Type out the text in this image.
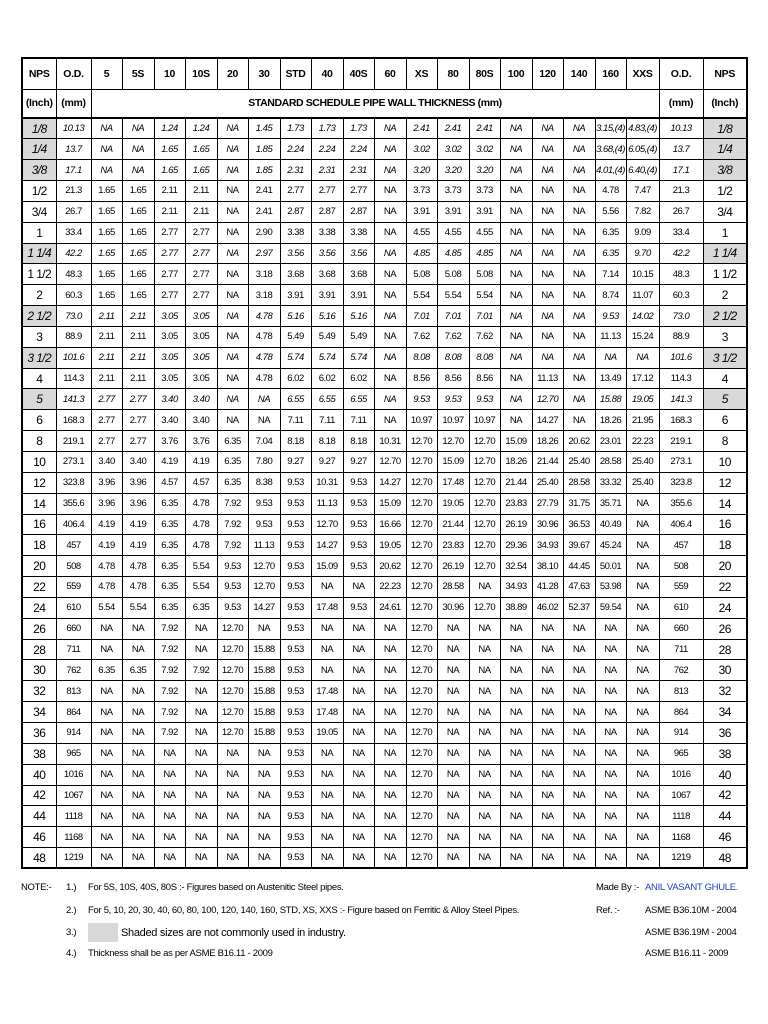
NPS	O.D.	5	5S	10	10S	20	30	STD	40	40S	60	XS	80	80S	100	120	140	160	XXS	O.D.	NPS
(Inch)	(mm)	STANDARD SCHEDULE PIPE WALL THICKNESS (mm)																		(mm)	(Inch)
1/8	10.13	NA	NA	1.24	1.24	NA	1.45	1.73	1.73	1.73	NA	2.41	2.41	2.41	NA	NA	NA	3.15,(4)	4.83,(4)	10.13	1/8
1/4	13.7	NA	NA	1.65	1.65	NA	1.85	2.24	2.24	2.24	NA	3.02	3.02	3.02	NA	NA	NA	3.68,(4)	6.05,(4)	13.7	1/4
3/8	17.1	NA	NA	1.65	1.65	NA	1.85	2.31	2.31	2.31	NA	3.20	3.20	3.20	NA	NA	NA	4.01,(4)	6.40,(4)	17.1	3/8
1/2	21.3	1.65	1.65	2.11	2.11	NA	2.41	2.77	2.77	2.77	NA	3.73	3.73	3.73	NA	NA	NA	4.78	7.47	21.3	1/2
3/4	26.7	1.65	1.65	2.11	2.11	NA	2.41	2.87	2.87	2.87	NA	3.91	3.91	3.91	NA	NA	NA	5.56	7.82	26.7	3/4
1	33.4	1.65	1.65	2.77	2.77	NA	2.90	3.38	3.38	3.38	NA	4.55	4.55	4.55	NA	NA	NA	6.35	9.09	33.4	1
1 1/4	42.2	1.65	1.65	2.77	2.77	NA	2.97	3.56	3.56	3.56	NA	4.85	4.85	4.85	NA	NA	NA	6.35	9.70	42.2	1 1/4
1 1/2	48.3	1.65	1.65	2.77	2.77	NA	3.18	3.68	3.68	3.68	NA	5.08	5.08	5.08	NA	NA	NA	7.14	10.15	48.3	1 1/2
2	60.3	1.65	1.65	2.77	2.77	NA	3.18	3.91	3.91	3.91	NA	5.54	5.54	5.54	NA	NA	NA	8.74	11.07	60.3	2
2 1/2	73.0	2.11	2.11	3.05	3.05	NA	4.78	5.16	5.16	5.16	NA	7.01	7.01	7.01	NA	NA	NA	9.53	14.02	73.0	2 1/2
3	88.9	2.11	2.11	3.05	3.05	NA	4.78	5.49	5.49	5.49	NA	7.62	7.62	7.62	NA	NA	NA	11.13	15.24	88.9	3
3 1/2	101.6	2.11	2.11	3.05	3.05	NA	4.78	5.74	5.74	5.74	NA	8.08	8.08	8.08	NA	NA	NA	NA	NA	101.6	3 1/2
4	114.3	2.11	2.11	3.05	3.05	NA	4.78	6.02	6.02	6.02	NA	8.56	8.56	8.56	NA	11.13	NA	13.49	17.12	114.3	4
5	141.3	2.77	2.77	3.40	3.40	NA	NA	6.55	6.55	6.55	NA	9.53	9.53	9.53	NA	12.70	NA	15.88	19.05	141.3	5
6	168.3	2.77	2.77	3.40	3.40	NA	NA	7.11	7.11	7.11	NA	10.97	10.97	10.97	NA	14.27	NA	18.26	21.95	168.3	6
8	219.1	2.77	2.77	3.76	3.76	6.35	7.04	8.18	8.18	8.18	10.31	12.70	12.70	12.70	15.09	18.26	20.62	23.01	22.23	219.1	8
10	273.1	3.40	3.40	4.19	4.19	6.35	7.80	9.27	9.27	9.27	12.70	12.70	15.09	12.70	18.26	21.44	25.40	28.58	25.40	273.1	10
12	323.8	3.96	3.96	4.57	4.57	6.35	8.38	9.53	10.31	9.53	14.27	12.70	17.48	12.70	21.44	25.40	28.58	33.32	25.40	323.8	12
14	355.6	3.96	3.96	6.35	4.78	7.92	9.53	9.53	11.13	9.53	15.09	12.70	19.05	12.70	23.83	27.79	31.75	35.71	NA	355.6	14
16	406.4	4.19	4.19	6.35	4.78	7.92	9.53	9.53	12.70	9.53	16.66	12.70	21.44	12.70	26.19	30.96	36.53	40.49	NA	406.4	16
18	457	4.19	4.19	6.35	4.78	7.92	11.13	9.53	14.27	9.53	19.05	12.70	23.83	12.70	29.36	34.93	39.67	45.24	NA	457	18
20	508	4.78	4.78	6.35	5.54	9.53	12.70	9.53	15.09	9.53	20.62	12.70	26.19	12.70	32.54	38.10	44.45	50.01	NA	508	20
22	559	4.78	4.78	6.35	5.54	9.53	12.70	9.53	NA	NA	22.23	12.70	28.58	NA	34.93	41.28	47.63	53.98	NA	559	22
24	610	5.54	5.54	6.35	6.35	9.53	14.27	9.53	17.48	9.53	24.61	12.70	30.96	12.70	38.89	46.02	52.37	59.54	NA	610	24
26	660	NA	NA	7.92	NA	12.70	NA	9.53	NA	NA	NA	12.70	NA	NA	NA	NA	NA	NA	NA	660	26
28	711	NA	NA	7.92	NA	12.70	15.88	9.53	NA	NA	NA	12.70	NA	NA	NA	NA	NA	NA	NA	711	28
30	762	6.35	6.35	7.92	7.92	12.70	15.88	9.53	NA	NA	NA	12.70	NA	NA	NA	NA	NA	NA	NA	762	30
32	813	NA	NA	7.92	NA	12.70	15.88	9.53	17.48	NA	NA	12.70	NA	NA	NA	NA	NA	NA	NA	813	32
34	864	NA	NA	7.92	NA	12.70	15.88	9.53	17.48	NA	NA	12.70	NA	NA	NA	NA	NA	NA	NA	864	34
36	914	NA	NA	7.92	NA	12.70	15.88	9.53	19.05	NA	NA	12.70	NA	NA	NA	NA	NA	NA	NA	914	36
38	965	NA	NA	NA	NA	NA	NA	9.53	NA	NA	NA	12.70	NA	NA	NA	NA	NA	NA	NA	965	38
40	1016	NA	NA	NA	NA	NA	NA	9.53	NA	NA	NA	12.70	NA	NA	NA	NA	NA	NA	NA	1016	40
42	1067	NA	NA	NA	NA	NA	NA	9.53	NA	NA	NA	12.70	NA	NA	NA	NA	NA	NA	NA	1067	42
44	1118	NA	NA	NA	NA	NA	NA	9.53	NA	NA	NA	12.70	NA	NA	NA	NA	NA	NA	NA	1118	44
46	1168	NA	NA	NA	NA	NA	NA	9.53	NA	NA	NA	12.70	NA	NA	NA	NA	NA	NA	NA	1168	46
48	1219	NA	NA	NA	NA	NA	NA	9.53	NA	NA	NA	12.70	NA	NA	NA	NA	NA	NA	NA	1219	48
NOTE:- 1.) For 5S, 10S, 40S, 80S :- Figures based on Austenitic Steel pipes.
2.) For 5, 10, 20, 30, 40, 60, 80, 100, 120, 140, 160, STD, XS, XXS :- Figure based on Ferritic & Alloy Steel Pipes.
3.)	Shaded sizes are not commonly used in industry.
4.) Thickness shall be as per ASME B16.11 - 2009
Made By :- ANIL VASANT GHULE.
Ref. :-	ASME B36.10M - 2004
ASME B36.19M - 2004
ASME B16.11 - 2009
